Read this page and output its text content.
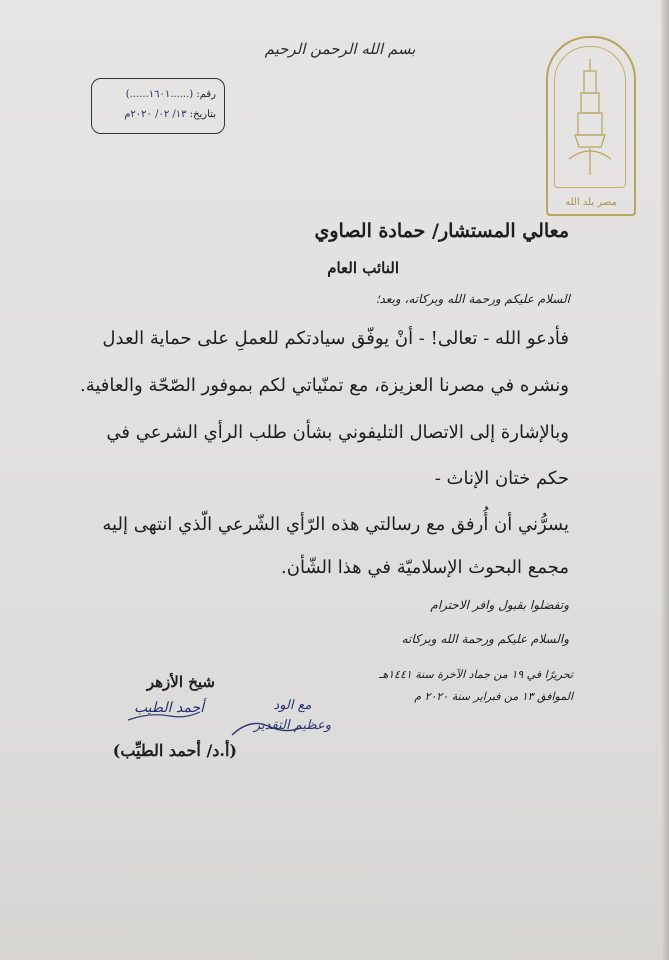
بسم الله الرحمن الرحيم
مصر بلد الله
رقم: (......١٦٠١......)
بتاريخ: ١٣/ ٠٢/ ٢٠٢٠م
معالي المستشار/ حمادة الصاوي
النائب العام
السلام عليكم ورحمة الله وبركاته، وبعد؛
فأدعو الله - تعالى! - أنْ يوفّق سيادتكم للعملِ على حماية العدل
ونشره في مصرنا العزيزة، مع تمنّياتي لكم بموفور الصّحّة والعافية.
وبالإشارة إلى الاتصال التليفوني بشأن طلب الرأي الشرعي في
حكم ختان الإناث -
يسرُّني أن أُرفق مع رسالتي هذه الرّأي الشّرعي الّذي انتهى إليه
مجمع البحوث الإسلاميّة في هذا الشّأن.
وتفضلوا بقبول وافر الاحترام
والسلام عليكم ورحمة الله وبركاته
تحريرًا في ١٩ من جماد الآخرة سنة ١٤٤١هـ
الموافق ١٣ من فبراير سنة ٢٠٢٠ م
شيخ الأزهر
أحمد الطيب
(أ.د/ أحمد الطيِّب)
مع الود
وعظيم التقدير
